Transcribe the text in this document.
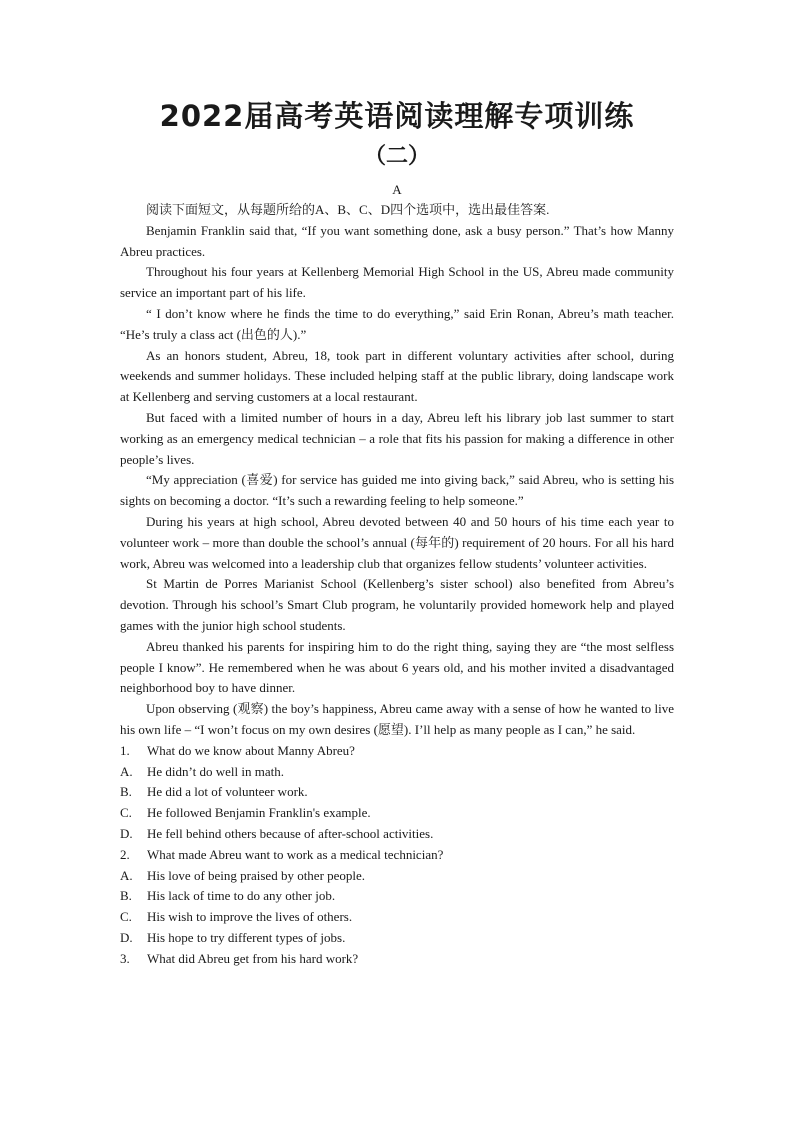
2022届高考英语阅读理解专项训练
（二）
A

阅读下面短文，从每题所给的A、B、C、D四个选项中，选出最佳答案.

Benjamin Franklin said that, “If you want something done, ask a busy person.” That’s how Manny Abreu practices.

Throughout his four years at Kellenberg Memorial High School in the US, Abreu made community service an important part of his life.

“ I don’t know where he finds the time to do everything,” said Erin Ronan, Abreu’s math teacher. “He’s truly a class act (出色的人).”

As an honors student, Abreu, 18, took part in different voluntary activities after school, during weekends and summer holidays. These included helping staff at the public library, doing landscape work at Kellenberg and serving customers at a local restaurant.

But faced with a limited number of hours in a day, Abreu left his library job last summer to start working as an emergency medical technician – a role that fits his passion for making a difference in other people’s lives.

“My appreciation (喜爱) for service has guided me into giving back,” said Abreu, who is setting his sights on becoming a doctor. “It’s such a rewarding feeling to help someone.”

During his years at high school, Abreu devoted between 40 and 50 hours of his time each year to volunteer work – more than double the school’s annual (每年的) requirement of 20 hours. For all his hard work, Abreu was welcomed into a leadership club that organizes fellow students’ volunteer activities.

St Martin de Porres Marianist School (Kellenberg’s sister school) also benefited from Abreu’s devotion. Through his school’s Smart Club program, he voluntarily provided homework help and played games with the junior high school students.

Abreu thanked his parents for inspiring him to do the right thing, saying they are “the most selfless people I know”. He remembered when he was about 6 years old, and his mother invited a disadvantaged neighborhood boy to have dinner.

Upon observing (观察) the boy’s happiness, Abreu came away with a sense of how he wanted to live his own life – “I won’t focus on my own desires (愿望). I’ll help as many people as I can,” he said.

1.	What do we know about Manny Abreu?
A.	He didn’t do well in math.
B.	He did a lot of volunteer work.
C.	He followed Benjamin Franklin's example.
D.	He fell behind others because of after-school activities.
2.	What made Abreu want to work as a medical technician?
A.	His love of being praised by other people.
B.	His lack of time to do any other job.
C.	His wish to improve the lives of others.
D.	His hope to try different types of jobs.
3.	What did Abreu get from his hard work?
